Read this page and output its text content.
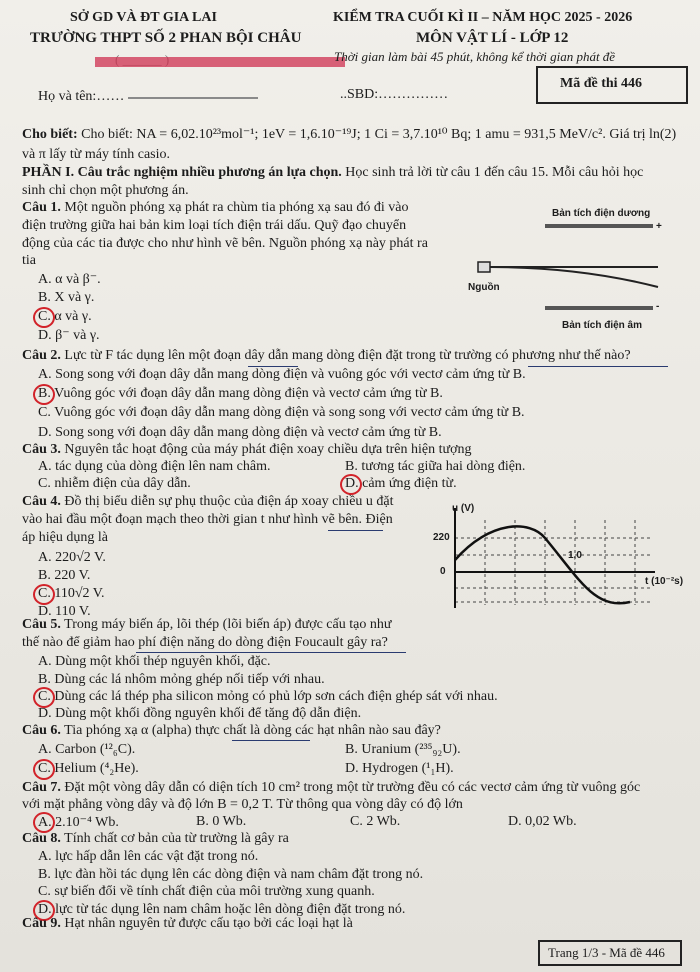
SỞ GD VÀ ĐT GIA LAI
TRƯỜNG THPT SỐ 2 PHAN BỘI CHÂU
KIỂM TRA CUỐI KÌ II – NĂM HỌC 2025 - 2026
MÔN VẬT LÍ - LỚP 12
Thời gian làm bài 45 phút, không kể thời gian phát đề
Họ và tên:……	..SBD:……………
Mã đề thi 446
Cho biết: Cho biết: NA = 6,02.10²³mol⁻¹; 1eV = 1,6.10⁻¹⁹J; 1 Ci = 3,7.10¹⁰ Bq; 1 amu = 931,5 MeV/c². Giá trị ln(2)
và π lấy từ máy tính casio.
PHẦN I. Câu trắc nghiệm nhiều phương án lựa chọn. Học sinh trả lời từ câu 1 đến câu 15. Mỗi câu hỏi học
sinh chỉ chọn một phương án.
Câu 1. Một nguồn phóng xạ phát ra chùm tia phóng xạ sau đó đi vào
điện trường giữa hai bản kim loại tích điện trái dấu. Quỹ đạo chuyển
động của các tia được cho như hình vẽ bên. Nguồn phóng xạ này phát ra
tia
A. α và β⁻.
B. X và γ.
C. α và γ.
D. β⁻ và γ.
Bản tích điện dương
+
Nguồn
-
Bản tích điện âm
Câu 2. Lực từ F tác dụng lên một đoạn dây dẫn mang dòng điện đặt trong từ trường có phương như thế nào?
A. Song song với đoạn dây dẫn mang dòng điện và vuông góc với vectơ cảm ứng từ B.
B. Vuông góc với đoạn dây dẫn mang dòng điện và vectơ cảm ứng từ B.
C. Vuông góc với đoạn dây dẫn mang dòng điện và song song với vectơ cảm ứng từ B.
D. Song song với đoạn dây dẫn mang dòng điện và vectơ cảm ứng từ B.
Câu 3. Nguyên tắc hoạt động của máy phát điện xoay chiều dựa trên hiện tượng
A. tác dụng của dòng điện lên nam châm.	B. tương tác giữa hai dòng điện.
C. nhiễm điện của dây dẫn.	D. cảm ứng điện từ.
Câu 4. Đồ thị biểu diễn sự phụ thuộc của điện áp xoay chiều u đặt
vào hai đầu một đoạn mạch theo thời gian t như hình vẽ bên. Điện
áp hiệu dụng là
A. 220√2 V.
B. 220 V.
C. 110√2 V.
D. 110 V.
u (V)
220
0
1,0
t (10⁻²s)
Câu 5. Trong máy biến áp, lõi thép (lõi biến áp) được cấu tạo như
thế nào để giảm hao phí điện năng do dòng điện Foucault gây ra?
A. Dùng một khối thép nguyên khối, đặc.
B. Dùng các lá nhôm mỏng ghép nối tiếp với nhau.
C. Dùng các lá thép pha silicon mỏng có phủ lớp sơn cách điện ghép sát với nhau.
D. Dùng một khối đồng nguyên khối để tăng độ dẫn điện.
Câu 6. Tia phóng xạ α (alpha) thực chất là dòng các hạt nhân nào sau đây?
A. Carbon (¹²₆C).	B. Uranium (²³⁵₉₂U).
C. Helium (⁴₂He).	D. Hydrogen (¹₁H).
Câu 7. Đặt một vòng dây dẫn có diện tích 10 cm² trong một từ trường đều có các vectơ cảm ứng từ vuông góc
với mặt phẳng vòng dây và độ lớn B = 0,2 T. Từ thông qua vòng dây có độ lớn
A. 2.10⁻⁴ Wb.	B. 0 Wb.	C. 2 Wb.	D. 0,02 Wb.
Câu 8. Tính chất cơ bản của từ trường là gây ra
A. lực hấp dẫn lên các vật đặt trong nó.
B. lực đàn hồi tác dụng lên các dòng điện và nam châm đặt trong nó.
C. sự biến đổi về tính chất điện của môi trường xung quanh.
D. lực từ tác dụng lên nam châm hoặc lên dòng điện đặt trong nó.
Câu 9. Hạt nhân nguyên tử được cấu tạo bởi các loại hạt là
Trang 1/3 - Mã đề 446
